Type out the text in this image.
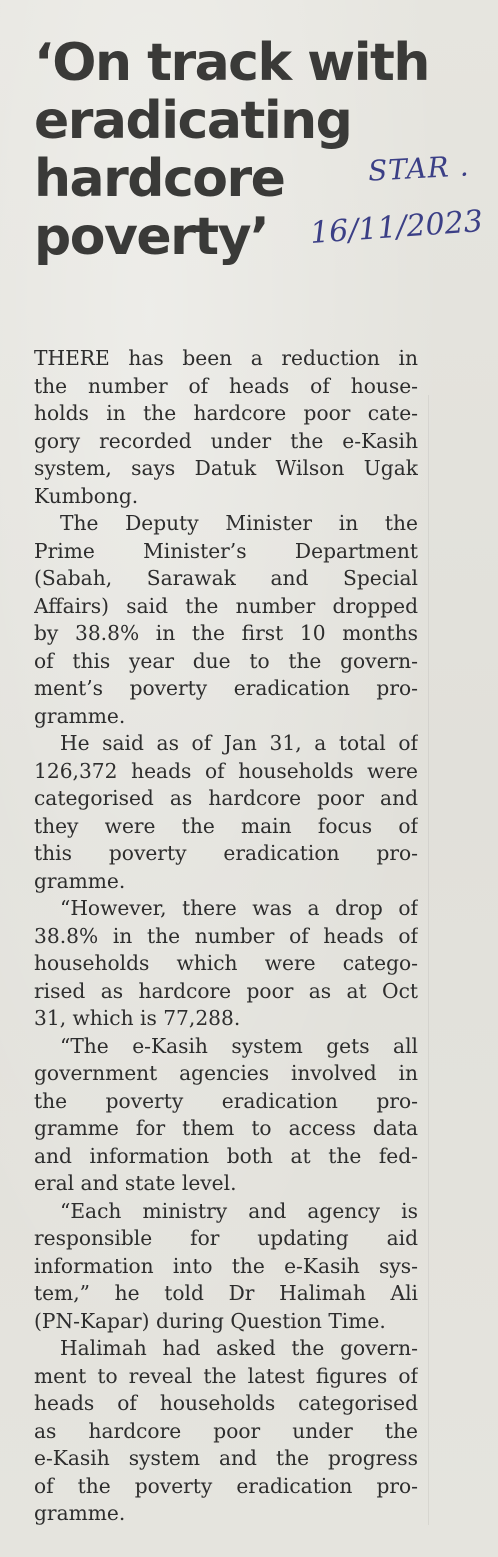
‘On track with
eradicating
hardcore
poverty’
STAR .
16/11/2023
THERE has been a reduction in
the number of heads of house-
holds in the hardcore poor cate-
gory recorded under the e-Kasih
system, says Datuk Wilson Ugak
Kumbong.
The Deputy Minister in the
Prime Minister’s Department
(Sabah, Sarawak and Special
Affairs) said the number dropped
by 38.8% in the first 10 months
of this year due to the govern-
ment’s poverty eradication pro-
gramme.
He said as of Jan 31, a total of
126,372 heads of households were
categorised as hardcore poor and
they were the main focus of
this poverty eradication pro-
gramme.
“However, there was a drop of
38.8% in the number of heads of
households which were catego-
rised as hardcore poor as at Oct
31, which is 77,288.
“The e-Kasih system gets all
government agencies involved in
the poverty eradication pro-
gramme for them to access data
and information both at the fed-
eral and state level.
“Each ministry and agency is
responsible for updating aid
information into the e-Kasih sys-
tem,” he told Dr Halimah Ali
(PN-Kapar) during Question Time.
Halimah had asked the govern-
ment to reveal the latest figures of
heads of households categorised
as hardcore poor under the
e-Kasih system and the progress
of the poverty eradication pro-
gramme.
